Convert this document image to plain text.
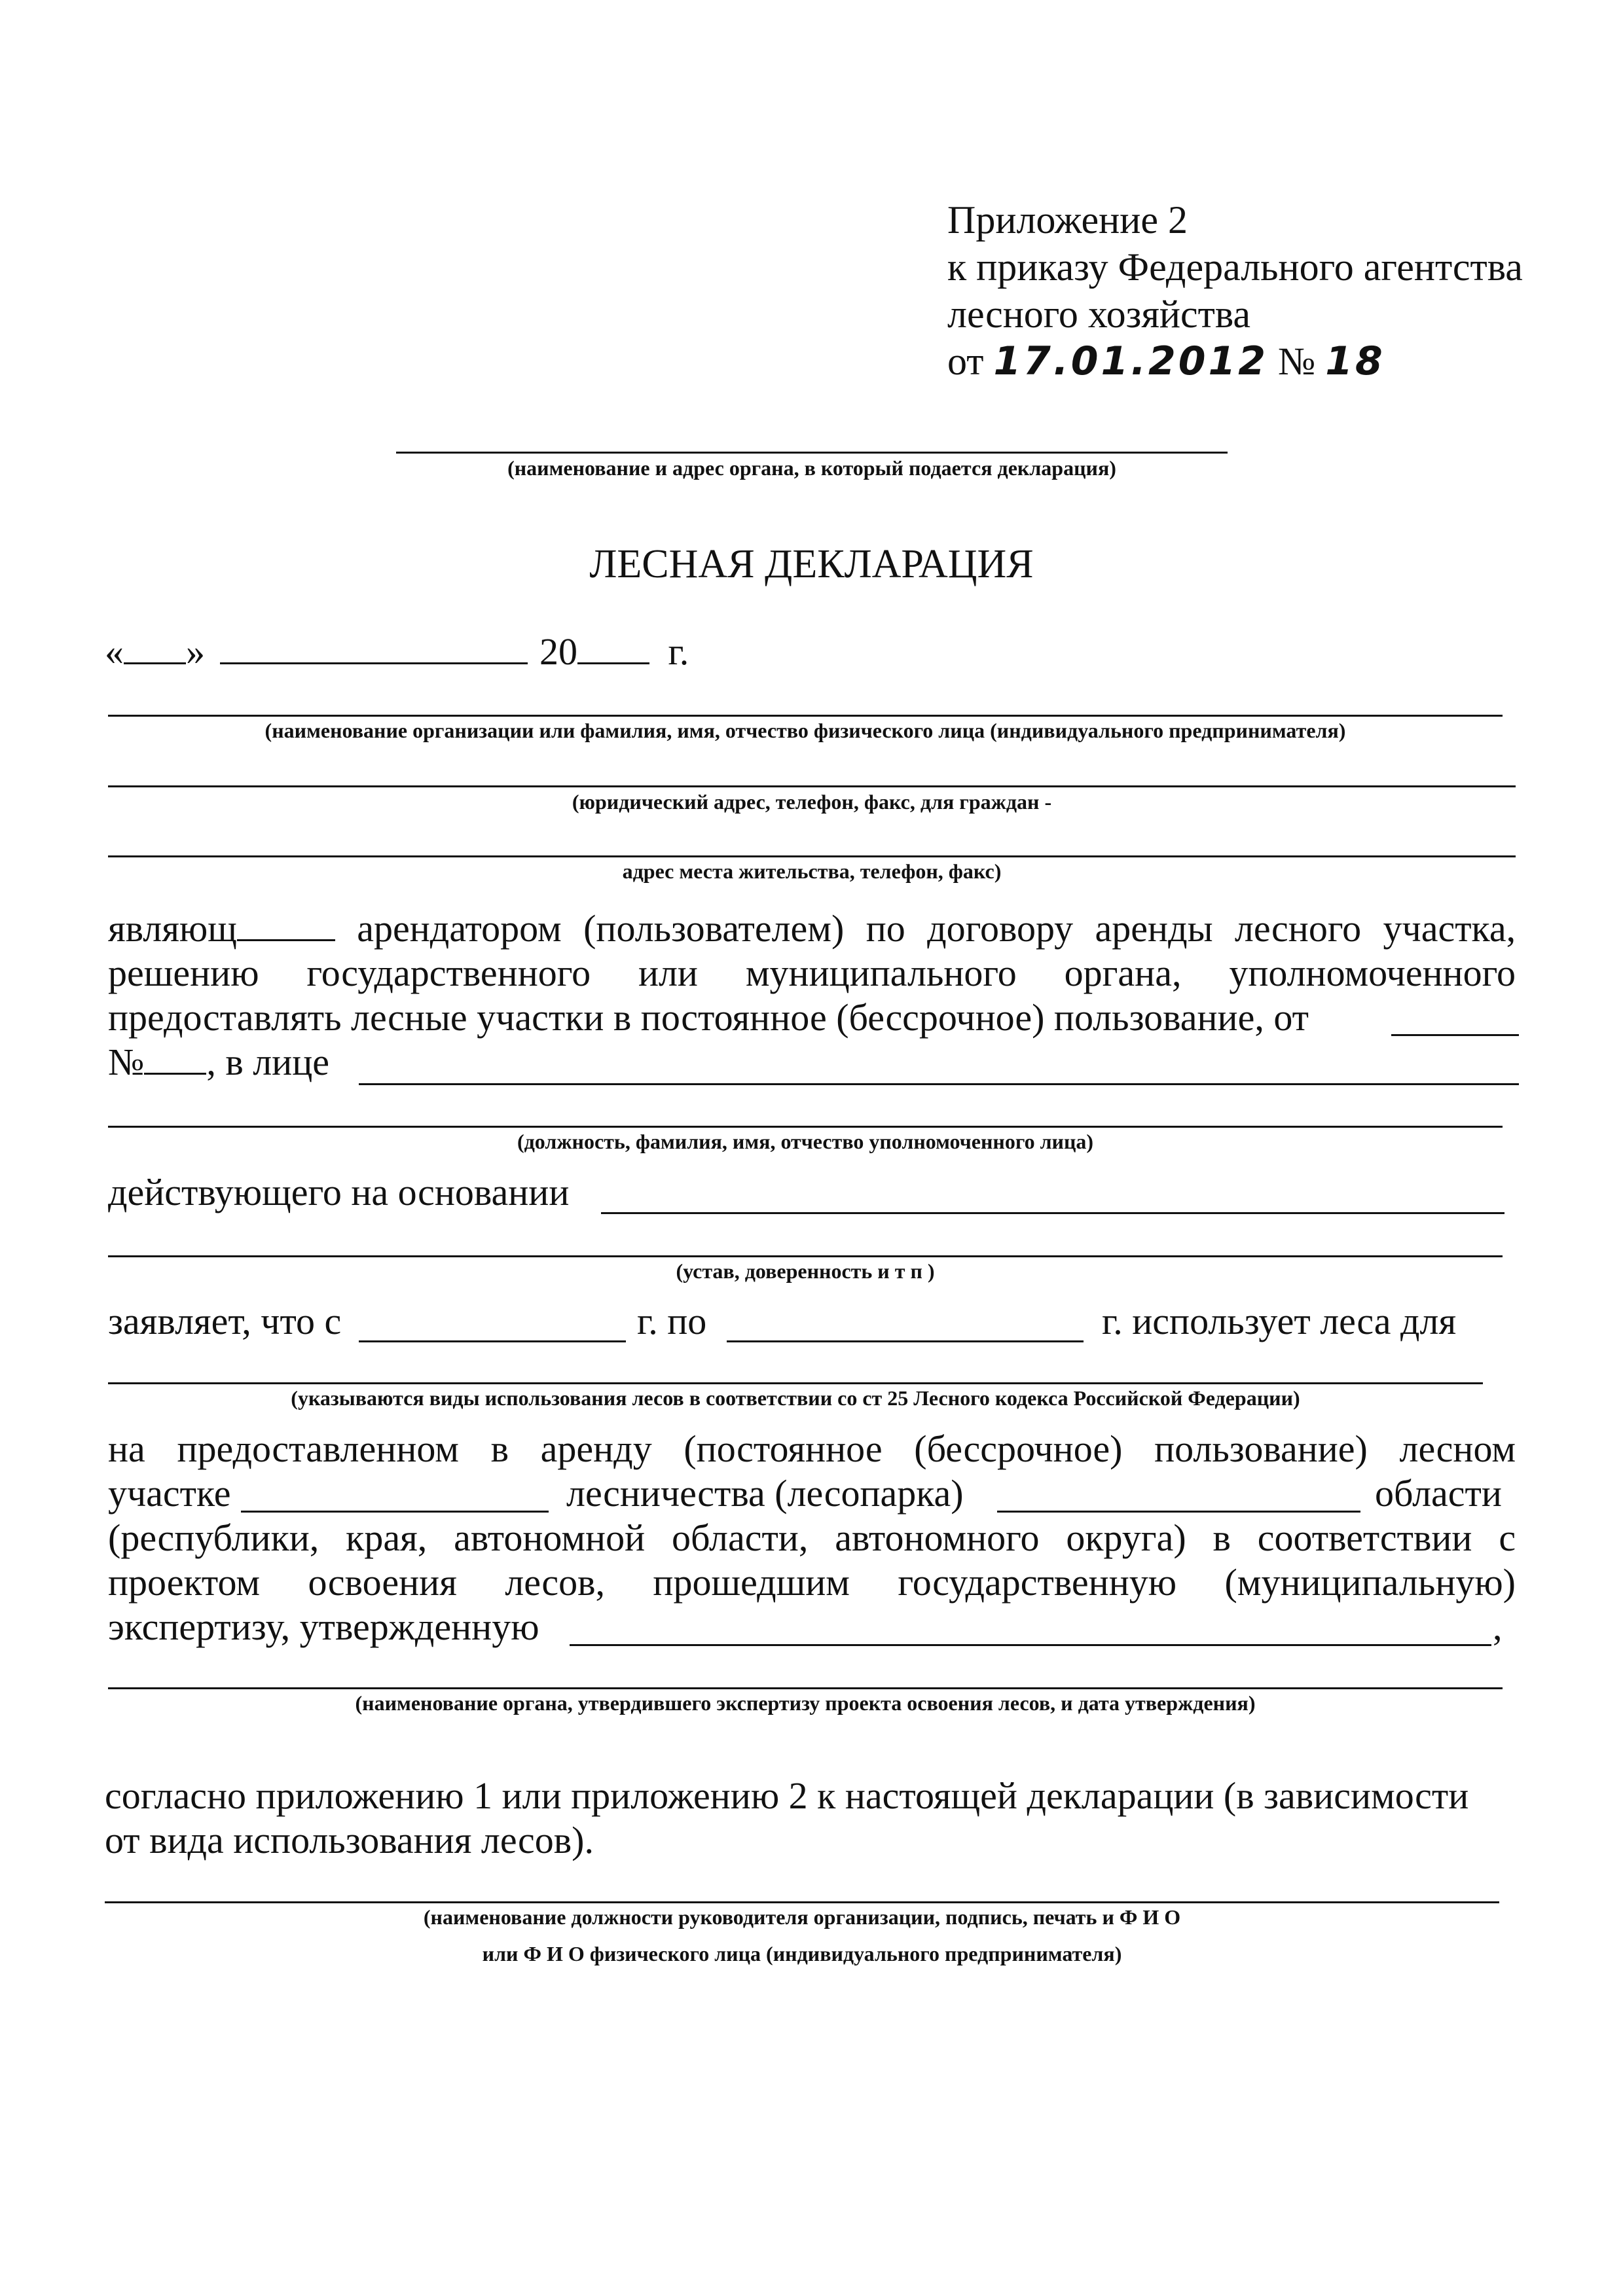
Приложение 2
к приказу Федерального агентства
лесного хозяйства
от 17.01.2012 № 18
(наименование и адрес органа, в который подается декларация)
ЛЕСНАЯ ДЕКЛАРАЦИЯ
« »	20 г.
(наименование организации или фамилия, имя, отчество физического лица (индивидуального предпринимателя)
(юридический адрес, телефон, факс, для граждан -
адрес места жительства, телефон, факс)
являющ	арендатором (пользователем) по договору аренды лесного участка,
решению государственного или муниципального органа, уполномоченного
предоставлять лесные участки в постоянное (бессрочное) пользование, от
№ , в лице
(должность, фамилия, имя, отчество уполномоченного лица)
действующего на основании
(устав, доверенность и т п )
заявляет, что с	г. по	г. использует леса для
(указываются виды использования лесов в соответствии со ст 25 Лесного кодекса Российской Федерации)
на предоставленном в аренду (постоянное (бессрочное) пользование) лесном
участке	лесничества (лесопарка)	области
(республики, края, автономной области, автономного округа) в соответствии с
проектом освоения лесов, прошедшим государственную (муниципальную)
экспертизу, утвержденную	,
(наименование органа, утвердившего экспертизу проекта освоения лесов, и дата утверждения)
согласно приложению 1 или приложению 2 к настоящей декларации (в зависимости
от вида использования лесов).
(наименование должности руководителя организации, подпись, печать и Ф И О
или Ф И О физического лица (индивидуального предпринимателя)
